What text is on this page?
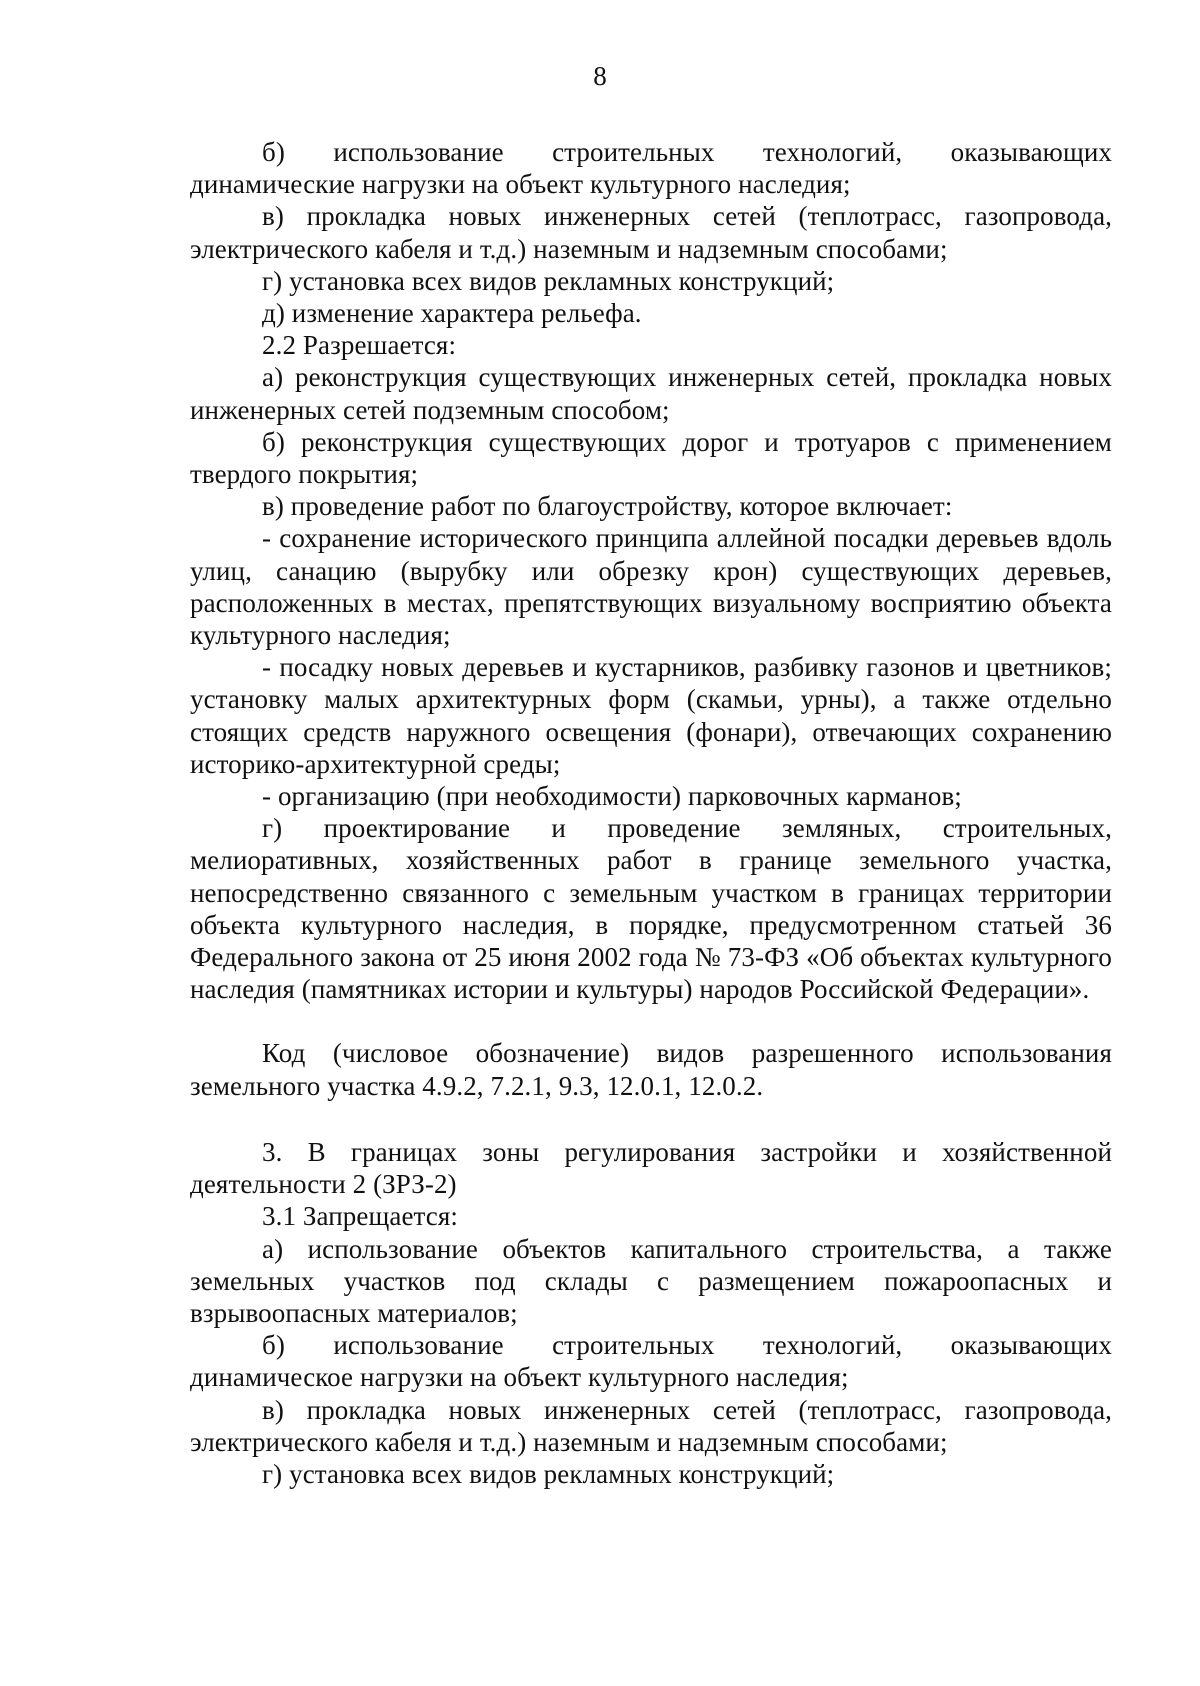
8

б) использование строительных технологий, оказывающих динамические нагрузки на объект культурного наследия;

в) прокладка новых инженерных сетей (теплотрасс, газопровода, электрического кабеля и т.д.) наземным и надземным способами;

г) установка всех видов рекламных конструкций;

д) изменение характера рельефа.

2.2 Разрешается:

а) реконструкция существующих инженерных сетей, прокладка новых инженерных сетей подземным способом;

б) реконструкция существующих дорог и тротуаров с применением твердого покрытия;

в) проведение работ по благоустройству, которое включает:

- сохранение исторического принципа аллейной посадки деревьев вдоль улиц, санацию (вырубку или обрезку крон) существующих деревьев, расположенных в местах, препятствующих визуальному восприятию объекта культурного наследия;

- посадку новых деревьев и кустарников, разбивку газонов и цветников; установку малых архитектурных форм (скамьи, урны), а также отдельно стоящих средств наружного освещения (фонари), отвечающих сохранению историко-архитектурной среды;

- организацию (при необходимости) парковочных карманов;

г) проектирование и проведение земляных, строительных, мелиоративных, хозяйственных работ в границе земельного участка, непосредственно связанного с земельным участком в границах территории объекта культурного наследия, в порядке, предусмотренном статьей 36 Федерального закона от 25 июня 2002 года № 73-ФЗ «Об объектах культурного наследия (памятниках истории и культуры) народов Российской Федерации».

Код (числовое обозначение) видов разрешенного использования земельного участка 4.9.2, 7.2.1, 9.3, 12.0.1, 12.0.2.

3. В границах зоны регулирования застройки и хозяйственной деятельности 2 (ЗРЗ-2)

3.1 Запрещается:

а) использование объектов капитального строительства, а также земельных участков под склады с размещением пожароопасных и взрывоопасных материалов;

б) использование строительных технологий, оказывающих динамическое нагрузки на объект культурного наследия;

в) прокладка новых инженерных сетей (теплотрасс, газопровода, электрического кабеля и т.д.) наземным и надземным способами;

г) установка всех видов рекламных конструкций;
